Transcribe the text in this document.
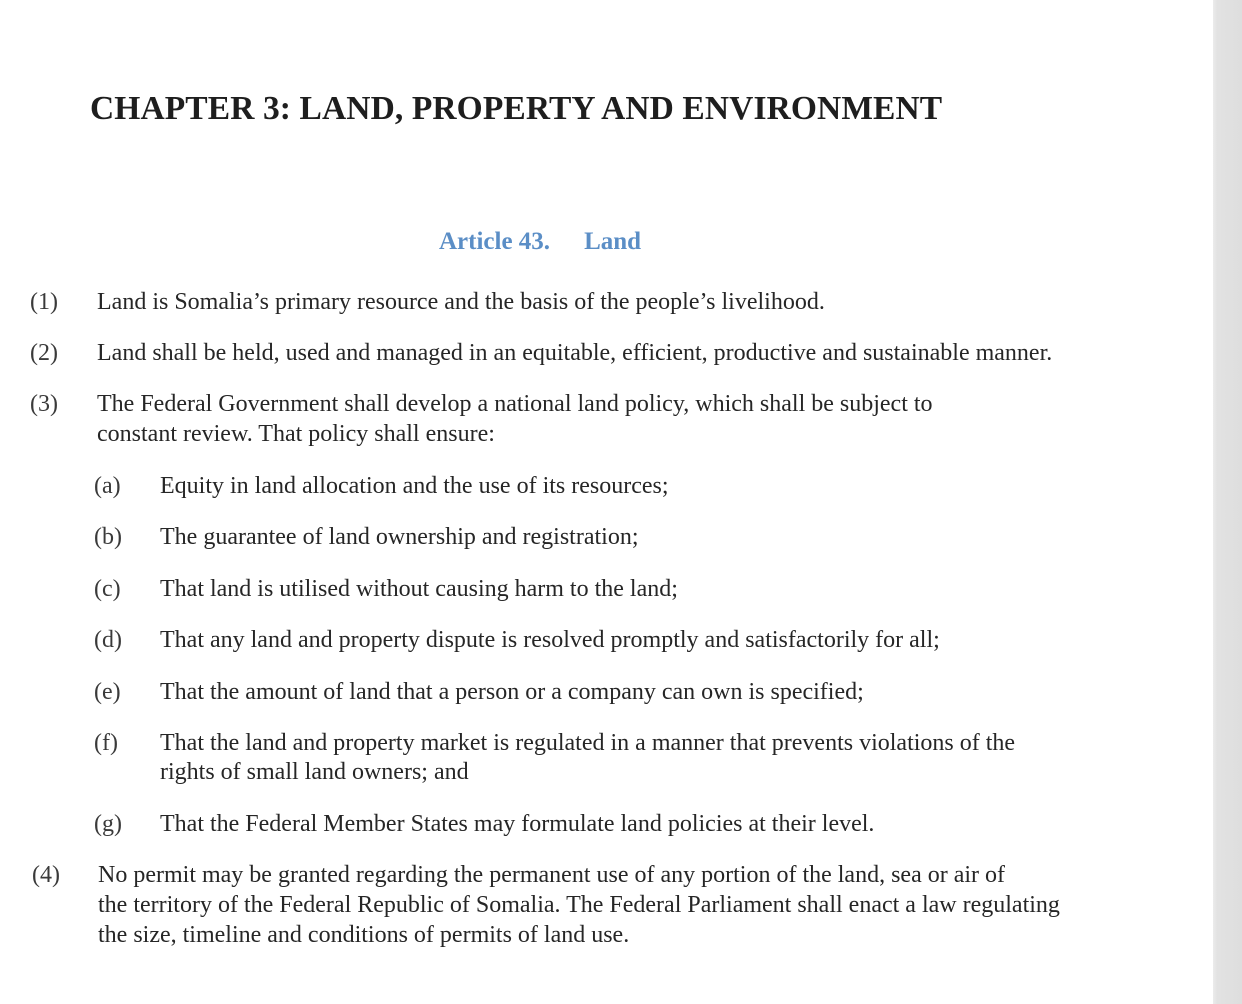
CHAPTER 3: LAND, PROPERTY AND ENVIRONMENT
Article 43. Land
(1) Land is Somalia’s primary resource and the basis of the people’s livelihood.
(2) Land shall be held, used and managed in an equitable, efficient, productive and sustainable manner.
(3) The Federal Government shall develop a national land policy, which shall be subject to
constant review. That policy shall ensure:
(a) Equity in land allocation and the use of its resources;
(b) The guarantee of land ownership and registration;
(c) That land is utilised without causing harm to the land;
(d) That any land and property dispute is resolved promptly and satisfactorily for all;
(e) That the amount of land that a person or a company can own is specified;
(f) That the land and property market is regulated in a manner that prevents violations of the
rights of small land owners; and
(g) That the Federal Member States may formulate land policies at their level.
(4) No permit may be granted regarding the permanent use of any portion of the land, sea or air of
the territory of the Federal Republic of Somalia. The Federal Parliament shall enact a law regulating
the size, timeline and conditions of permits of land use.
